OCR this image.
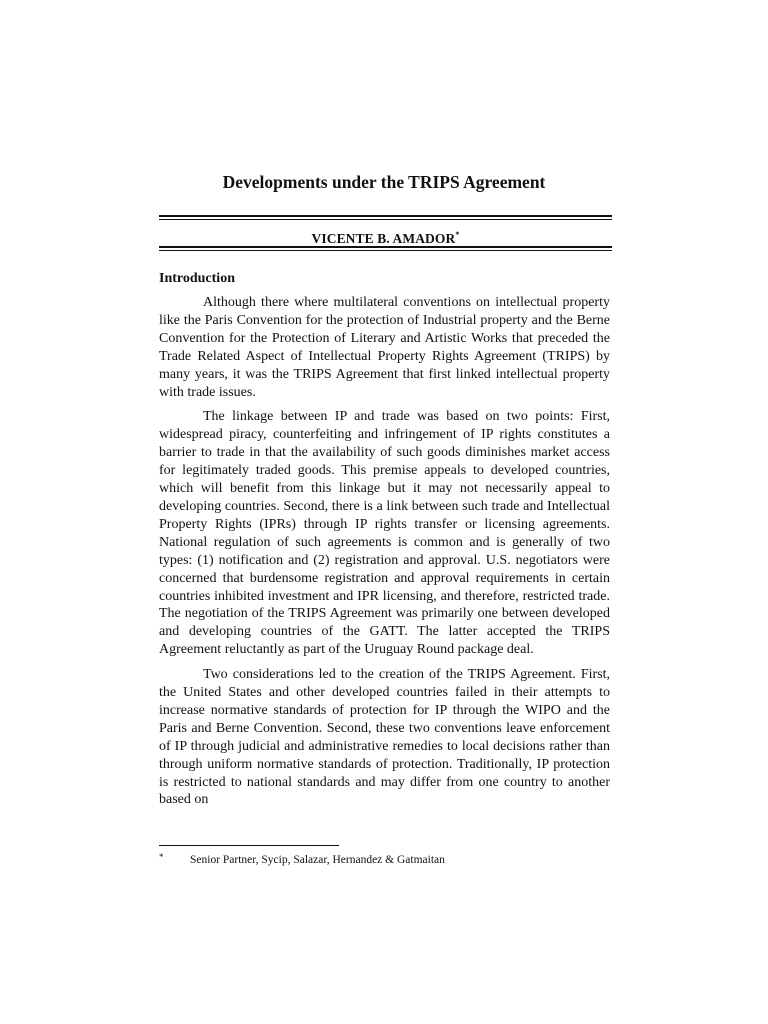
Developments under the TRIPS Agreement
VICENTE B. AMADOR*
Introduction

Although there where multilateral conventions on intellectual property like the Paris Convention for the protection of Industrial property and the Berne Convention for the Protection of Literary and Artistic Works that preceded the Trade Related Aspect of Intellectual Property Rights Agreement (TRIPS) by many years, it was the TRIPS Agreement that first linked intellectual property with trade issues.

The linkage between IP and trade was based on two points: First, widespread piracy, counterfeiting and infringement of IP rights constitutes a barrier to trade in that the availability of such goods diminishes market access for legitimately traded goods. This premise appeals to developed countries, which will benefit from this linkage but it may not necessarily appeal to developing countries. Second, there is a link between such trade and Intellectual Property Rights (IPRs) through IP rights transfer or licensing agreements. National regulation of such agreements is common and is generally of two types: (1) notification and (2) registration and approval. U.S. negotiators were concerned that burdensome registration and approval requirements in certain countries inhibited investment and IPR licensing, and therefore, restricted trade. The negotiation of the TRIPS Agreement was primarily one between developed and developing countries of the GATT. The latter accepted the TRIPS Agreement reluctantly as part of the Uruguay Round package deal.

Two considerations led to the creation of the TRIPS Agreement. First, the United States and other developed countries failed in their attempts to increase normative standards of protection for IP through the WIPO and the Paris and Berne Convention. Second, these two conventions leave enforcement of IP through judicial and administrative remedies to local decisions rather than through uniform normative standards of protection. Traditionally, IP protection is restricted to national standards and may differ from one country to another based on

* Senior Partner, Sycip, Salazar, Hernandez & Gatmaitan
